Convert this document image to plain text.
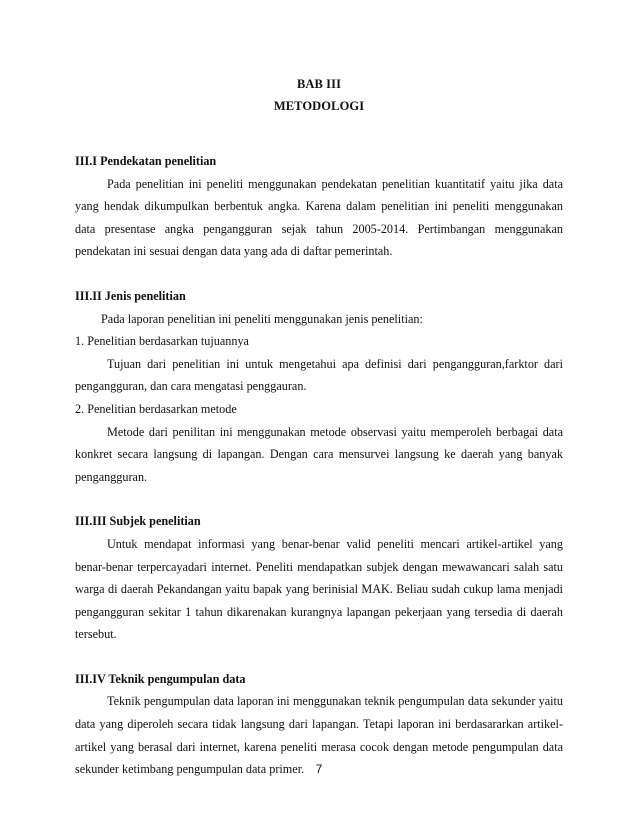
BAB III
METODOLOGI

III.I Pendekatan penelitian

Pada penelitian ini peneliti menggunakan pendekatan penelitian kuantitatif yaitu jika data yang hendak dikumpulkan berbentuk angka. Karena dalam penelitian ini peneliti menggunakan data presentase angka pengangguran sejak tahun 2005-2014. Pertimbangan menggunakan pendekatan ini sesuai dengan data yang ada di daftar pemerintah.

III.II Jenis penelitian

Pada laporan penelitian ini peneliti menggunakan jenis penelitian:

1. Penelitian berdasarkan tujuannya

Tujuan dari penelitian ini untuk mengetahui apa definisi dari pengangguran,farktor dari pengangguran, dan cara mengatasi penggauran.

2. Penelitian berdasarkan metode

Metode dari penilitan ini menggunakan metode observasi yaitu memperoleh berbagai data konkret secara langsung di lapangan. Dengan cara mensurvei langsung ke daerah yang banyak pengangguran.

III.III Subjek penelitian

Untuk mendapat informasi yang benar-benar valid peneliti mencari artikel-artikel yang benar-benar terpercayadari internet. Peneliti mendapatkan subjek dengan mewawancari salah satu warga di daerah Pekandangan yaitu bapak yang berinisial MAK. Beliau sudah cukup lama menjadi pengangguran sekitar 1 tahun dikarenakan kurangnya lapangan pekerjaan yang tersedia di daerah tersebut.

III.IV Teknik pengumpulan data

Teknik pengumpulan data laporan ini menggunakan teknik pengumpulan data sekunder yaitu data yang diperoleh secara tidak langsung dari lapangan. Tetapi laporan ini berdasararkan artikel-artikel yang berasal dari internet, karena peneliti merasa cocok dengan metode pengumpulan data sekunder ketimbang pengumpulan data primer. 7
